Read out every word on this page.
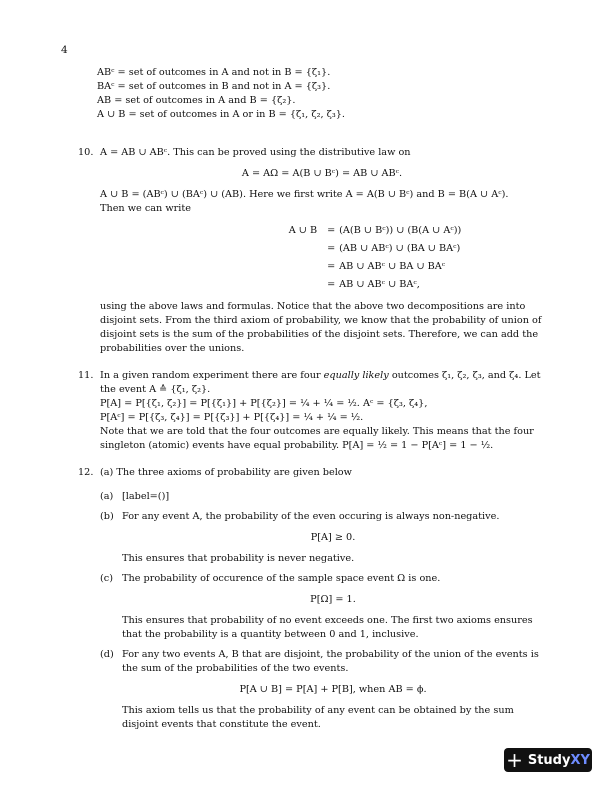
4
ABᶜ = set of outcomes in A and not in B = {ζ₁}.
BAᶜ = set of outcomes in B and not in A = {ζ₃}.
AB = set of outcomes in A and B = {ζ₂}.
A ∪ B = set of outcomes in A or in B = {ζ₁, ζ₂, ζ₃}.
10. A = AB ∪ ABᶜ. This can be proved using the distributive law on
A = AΩ = A(B ∪ Bᶜ) = AB ∪ ABᶜ.
A ∪ B = (ABᶜ) ∪ (BAᶜ) ∪ (AB). Here we first write A = A(B ∪ Bᶜ) and B = B(A ∪ Aᶜ).
Then we can write
A ∪ B	= (A(B ∪ Bᶜ)) ∪ (B(A ∪ Aᶜ))
= (AB ∪ ABᶜ) ∪ (BA ∪ BAᶜ)
= AB ∪ ABᶜ ∪ BA ∪ BAᶜ
= AB ∪ ABᶜ ∪ BAᶜ,
using the above laws and formulas. Notice that the above two decompositions are into disjoint sets. From the third axiom of probability, we know that the probability of union of disjoint sets is the sum of the probabilities of the disjoint sets. Therefore, we can add the probabilities over the unions.
11. In a given random experiment there are four equally likely outcomes ζ₁, ζ₂, ζ₃, and ζ₄. Let the event A ≙ {ζ₁, ζ₂}.
P[A] = P[{ζ₁, ζ₂}] = P[{ζ₁}] + P[{ζ₂}] = ¼ + ¼ = ½. Aᶜ = {ζ₃, ζ₄},
P[Aᶜ] = P[{ζ₃, ζ₄}] = P[{ζ₃}] + P[{ζ₄}] = ¼ + ¼ = ½.
Note that we are told that the four outcomes are equally likely. This means that the four singleton (atomic) events have equal probability. P[A] = ½ = 1 − P[Aᶜ] = 1 − ½.
12. (a) The three axioms of probability are given below
(a) [label=()]
(b) For any event A, the probability of the even occuring is always non-negative.
P[A] ≥ 0.
This ensures that probability is never negative.
(c) The probability of occurence of the sample space event Ω is one.
P[Ω] = 1.
This ensures that probability of no event exceeds one. The first two axioms ensures that the probability is a quantity between 0 and 1, inclusive.
(d) For any two events A, B that are disjoint, the probability of the union of the events is the sum of the probabilities of the two events.
P[A ∪ B] = P[A] + P[B], when AB = ϕ.
This axiom tells us that the probability of any event can be obtained by the sum disjoint events that constitute the event.
+ StudyXY
